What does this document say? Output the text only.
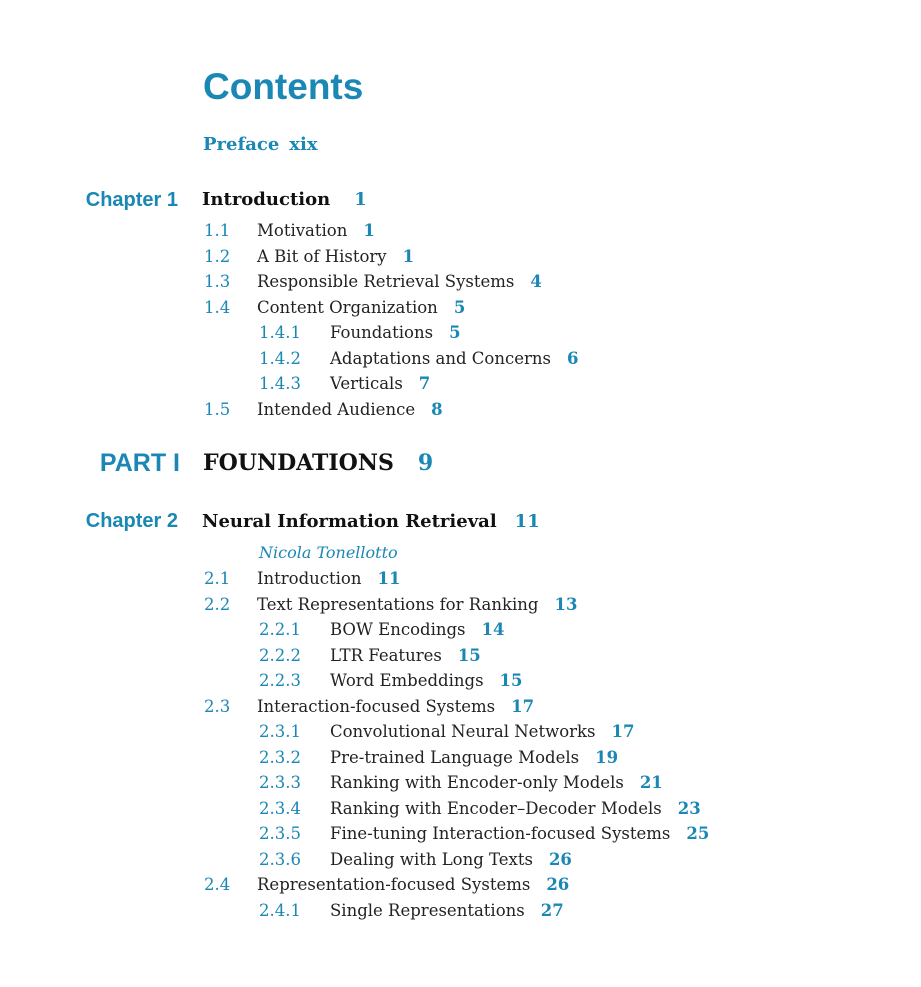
Contents
Preface xix
Chapter 1 Introduction 1
1.1 Motivation 1
1.2 A Bit of History 1
1.3 Responsible Retrieval Systems 4
1.4 Content Organization 5
1.4.1 Foundations 5
1.4.2 Adaptations and Concerns 6
1.4.3 Verticals 7
1.5 Intended Audience 8
PART I FOUNDATIONS 9
Chapter 2 Neural Information Retrieval 11
Nicola Tonellotto
2.1 Introduction 11
2.2 Text Representations for Ranking 13
2.2.1 BOW Encodings 14
2.2.2 LTR Features 15
2.2.3 Word Embeddings 15
2.3 Interaction-focused Systems 17
2.3.1 Convolutional Neural Networks 17
2.3.2 Pre-trained Language Models 19
2.3.3 Ranking with Encoder-only Models 21
2.3.4 Ranking with Encoder–Decoder Models 23
2.3.5 Fine-tuning Interaction-focused Systems 25
2.3.6 Dealing with Long Texts 26
2.4 Representation-focused Systems 26
2.4.1 Single Representations 27
